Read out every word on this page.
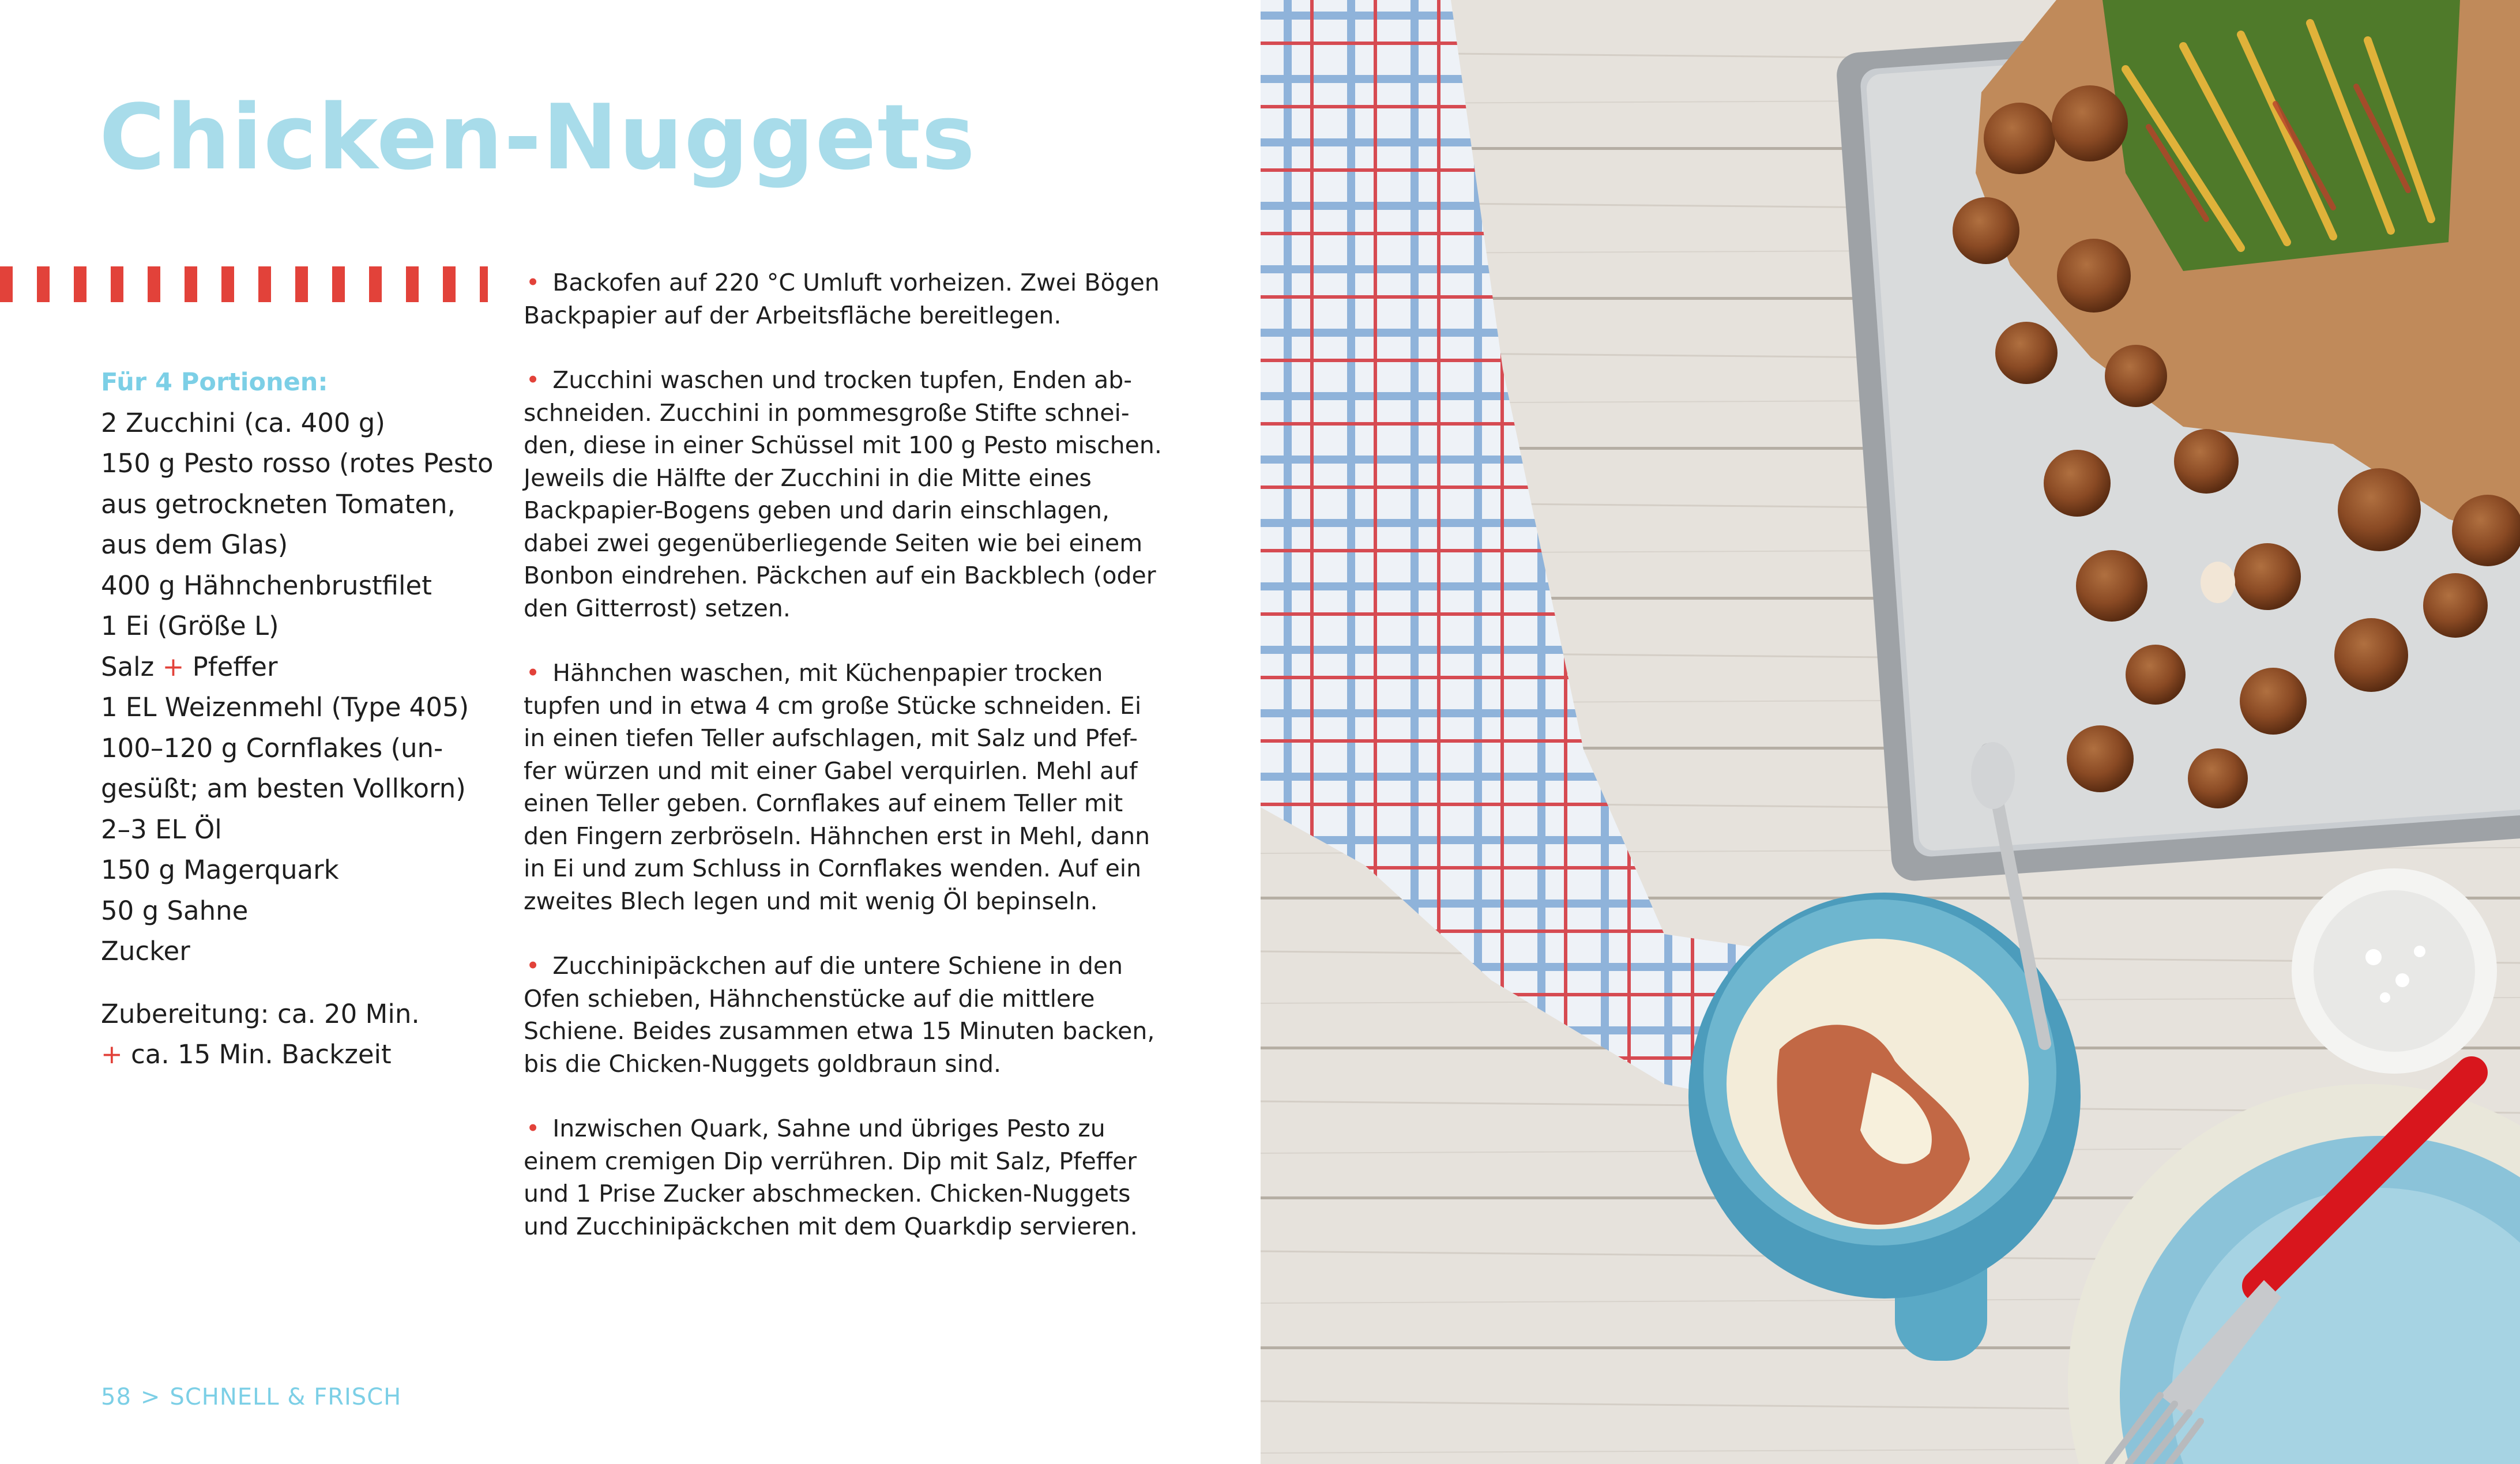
Chicken-Nuggets

Für 4 Portionen:

2 Zucchini (ca. 400 g)

150 g Pesto rosso (rotes Pesto

aus getrockneten Tomaten,

aus dem Glas)

400 g Hähnchenbrustfilet

1 Ei (Größe L)

Salz + Pfeffer

1 EL Weizenmehl (Type 405)

100–120 g Cornflakes (un-

gesüßt; am besten Vollkorn)

2–3 EL Öl

150 g Magerquark

50 g Sahne

Zucker

Zubereitung: ca. 20 Min.

+ ca. 15 Min. Backzeit

• Backofen auf 220 °C Umluft vorheizen. Zwei Bögen

Backpapier auf der Arbeitsfläche bereitlegen.

• Zucchini waschen und trocken tupfen, Enden ab-

schneiden. Zucchini in pommesgroße Stifte schnei-

den, diese in einer Schüssel mit 100 g Pesto mischen.

Jeweils die Hälfte der Zucchini in die Mitte eines

Backpapier-Bogens geben und darin einschlagen,

dabei zwei gegenüberliegende Seiten wie bei einem

Bonbon eindrehen. Päckchen auf ein Backblech (oder

den Gitterrost) setzen.

• Hähnchen waschen, mit Küchenpapier trocken

tupfen und in etwa 4 cm große Stücke schneiden. Ei

in einen tiefen Teller aufschlagen, mit Salz und Pfef-

fer würzen und mit einer Gabel verquirlen. Mehl auf

einen Teller geben. Cornflakes auf einem Teller mit

den Fingern zerbröseln. Hähnchen erst in Mehl, dann

in Ei und zum Schluss in Cornflakes wenden. Auf ein

zweites Blech legen und mit wenig Öl bepinseln.

• Zucchinipäckchen auf die untere Schiene in den

Ofen schieben, Hähnchenstücke auf die mittlere

Schiene. Beides zusammen etwa 15 Minuten backen,

bis die Chicken-Nuggets goldbraun sind.

• Inzwischen Quark, Sahne und übriges Pesto zu

einem cremigen Dip verrühren. Dip mit Salz, Pfeffer

und 1 Prise Zucker abschmecken. Chicken-Nuggets

und Zucchinipäckchen mit dem Quarkdip servieren.

58 > SCHNELL & FRISCH
